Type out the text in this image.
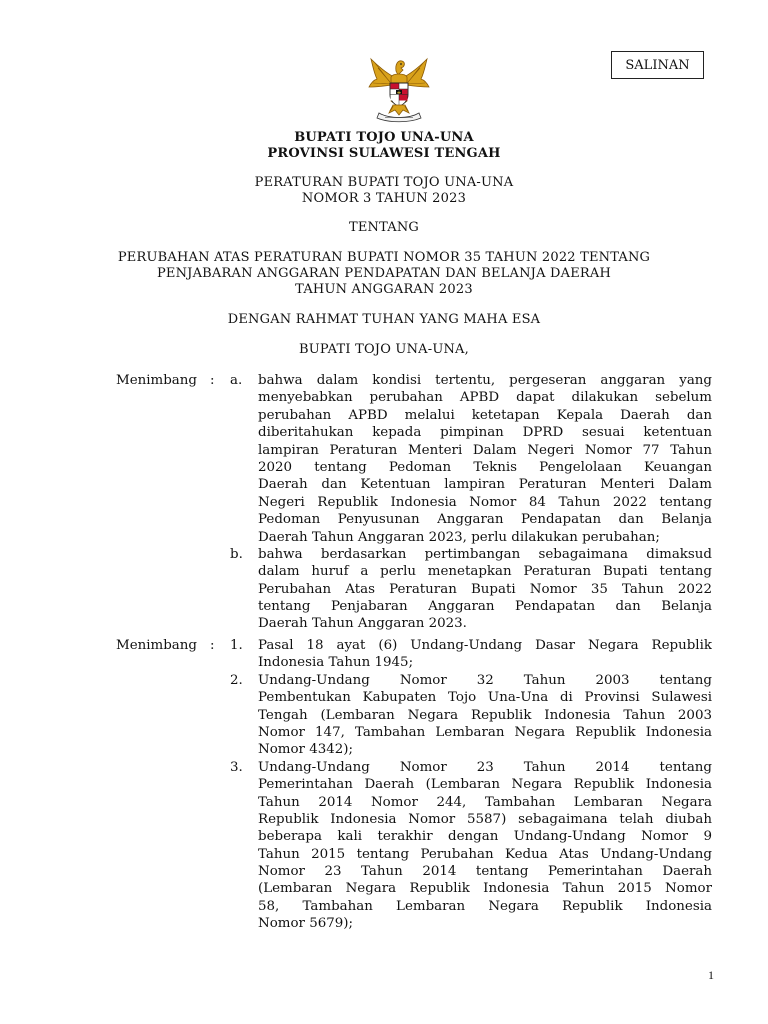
SALINAN
BUPATI TOJO UNA-UNA
PROVINSI SULAWESI TENGAH
PERATURAN BUPATI TOJO UNA-UNA
NOMOR 3 TAHUN 2023
TENTANG
PERUBAHAN ATAS PERATURAN BUPATI NOMOR 35 TAHUN 2022 TENTANG
PENJABARAN ANGGARAN PENDAPATAN DAN BELANJA DAERAH
TAHUN ANGGARAN 2023
DENGAN RAHMAT TUHAN YANG MAHA ESA
BUPATI TOJO UNA-UNA,
Menimbang : a. bahwa dalam kondisi tertentu, pergeseran anggaran yang
menyebabkan perubahan APBD dapat dilakukan sebelum
perubahan APBD melalui ketetapan Kepala Daerah dan
diberitahukan kepada pimpinan DPRD sesuai ketentuan
lampiran Peraturan Menteri Dalam Negeri Nomor 77 Tahun
2020 tentang Pedoman Teknis Pengelolaan Keuangan
Daerah dan Ketentuan lampiran Peraturan Menteri Dalam
Negeri Republik Indonesia Nomor 84 Tahun 2022 tentang
Pedoman Penyusunan Anggaran Pendapatan dan Belanja
Daerah Tahun Anggaran 2023, perlu dilakukan perubahan;
b. bahwa berdasarkan pertimbangan sebagaimana dimaksud
dalam huruf a perlu menetapkan Peraturan Bupati tentang
Perubahan Atas Peraturan Bupati Nomor 35 Tahun 2022
tentang Penjabaran Anggaran Pendapatan dan Belanja
Daerah Tahun Anggaran 2023.
Menimbang : 1. Pasal 18 ayat (6) Undang-Undang Dasar Negara Republik
Indonesia Tahun 1945;
2. Undang-Undang Nomor 32 Tahun 2003 tentang
Pembentukan Kabupaten Tojo Una-Una di Provinsi Sulawesi
Tengah (Lembaran Negara Republik Indonesia Tahun 2003
Nomor 147, Tambahan Lembaran Negara Republik Indonesia
Nomor 4342);
3. Undang-Undang Nomor 23 Tahun 2014 tentang
Pemerintahan Daerah (Lembaran Negara Republik Indonesia
Tahun 2014 Nomor 244, Tambahan Lembaran Negara
Republik Indonesia Nomor 5587) sebagaimana telah diubah
beberapa kali terakhir dengan Undang-Undang Nomor 9
Tahun 2015 tentang Perubahan Kedua Atas Undang-Undang
Nomor 23 Tahun 2014 tentang Pemerintahan Daerah
(Lembaran Negara Republik Indonesia Tahun 2015 Nomor
58, Tambahan Lembaran Negara Republik Indonesia
Nomor 5679);
1
